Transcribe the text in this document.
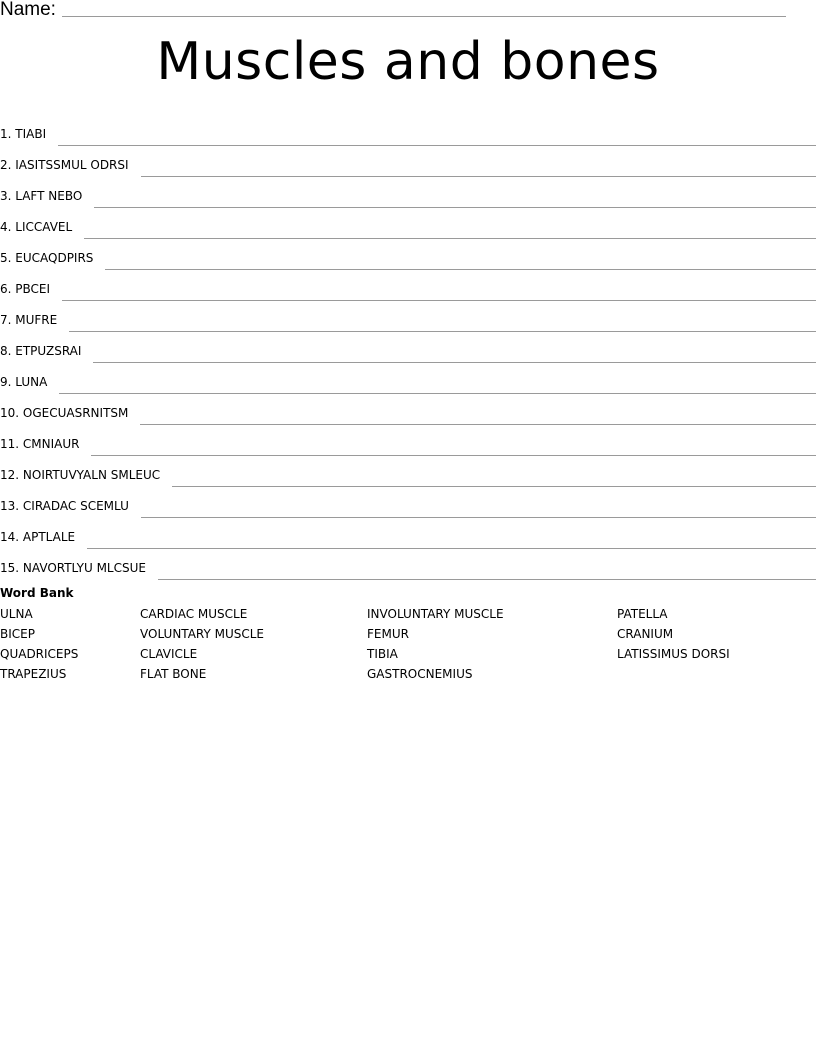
Name:
Muscles and bones
1. TIABI
2. IASITSSMUL ODRSI
3. LAFT NEBO
4. LICCAVEL
5. EUCAQDPIRS
6. PBCEI
7. MUFRE
8. ETPUZSRAI
9. LUNA
10. OGECUASRNITSM
11. CMNIAUR
12. NOIRTUVYALN SMLEUC
13. CIRADAC SCEMLU
14. APTLALE
15. NAVORTLYU MLCSUE
Word Bank
ULNA	CARDIAC MUSCLE	INVOLUNTARY MUSCLE	PATELLA
BICEP	VOLUNTARY MUSCLE	FEMUR	CRANIUM
QUADRICEPS	CLAVICLE	TIBIA	LATISSIMUS DORSI
TRAPEZIUS	FLAT BONE	GASTROCNEMIUS
